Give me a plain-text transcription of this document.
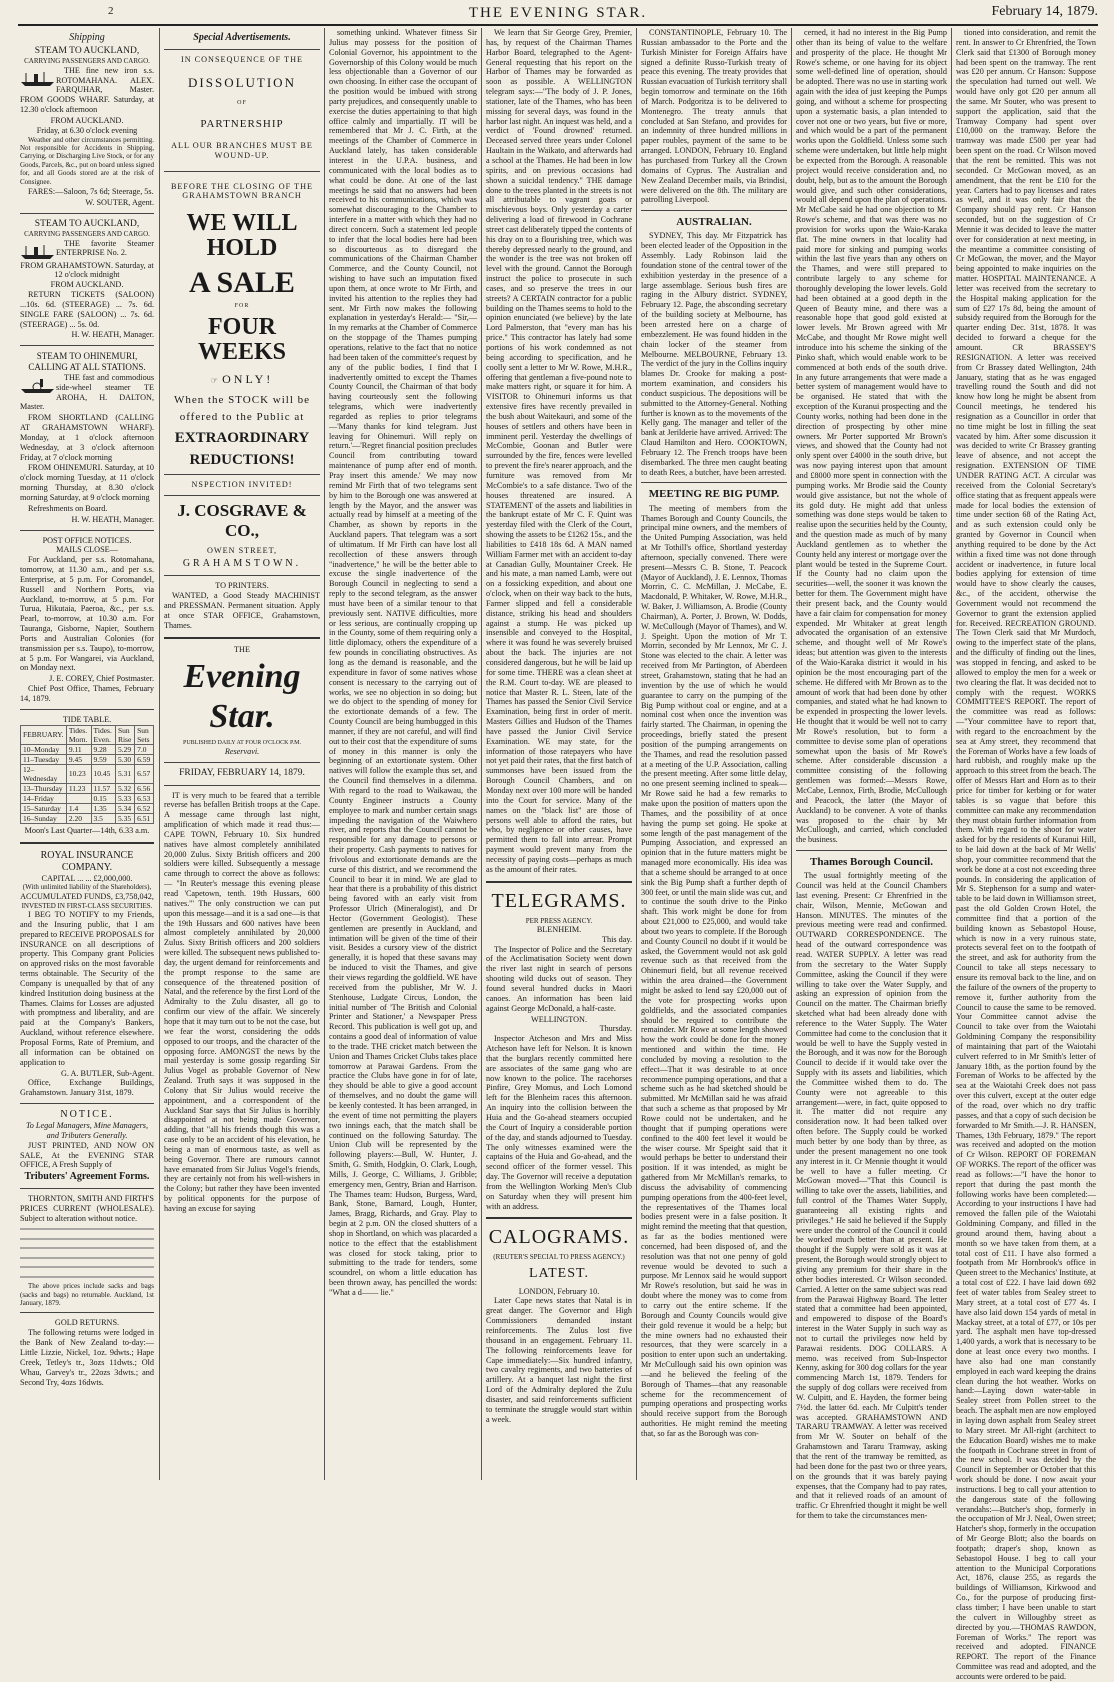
2	THE EVENING STAR.	February 14, 1879.
Shipping
STEAM TO AUCKLAND,
CARRYING PASSENGERS AND CARGO.

THE fine new iron s.s. ROTOMAHANA. ALEX. FARQUHAR, Master. FROM GOODS WHARF. Saturday, at 12.30 o'clock afternoon

FROM AUCKLAND.
Friday, at 6.30 o'clock evening

Weather and other circumstances permitting. Not responsible for Accidents in Shipping, Carrying, or Discharging Live Stock, or for any Goods, Parcels, &c., put on board unless signed for, and all Goods stored are at the risk of Consignee.

FARES:—Saloon, 7s 6d; Steerage, 5s.

W. SOUTER, Agent.
STEAM TO AUCKLAND,
CARRYING PASSENGERS AND CARGO.

THE favorite Steamer ENTERPRISE No. 2.

FROM GRAHAMSTOWN. Saturday, at 12 o'clock midnight
FROM AUCKLAND.

RETURN TICKETS (SALOON) ...10s. 6d. (STEERAGE) ... 7s. 6d. SINGLE FARE (SALOON) ... 7s. 6d. (STEERAGE) ... 5s. 0d.

H. W. HEATH, Manager.
STEAM TO OHINEMURI, CALLING AT ALL STATIONS.

THE fast and commodious side-wheel steamer TE AROHA, H. DALTON, Master.

FROM SHORTLAND (CALLING AT GRAHAMSTOWN WHARF). Monday, at 1 o'clock afternoon Wednesday, at 3 o'clock afternoon Friday, at 7 o'clock morning

FROM OHINEMURI. Saturday, at 10 o'clock morning Tuesday, at 11 o'clock morning Thursday, at 8.30 o'clock morning Saturday, at 9 o'clock morning

Refreshments on Board.

H. W. HEATH, Manager.
POST OFFICE NOTICES.
MAILS CLOSE—

For Auckland, per s.s. Rotomahana, tomorrow, at 11.30 a.m., and per s.s. Enterprise, at 5 p.m. For Coromandel, Russell and Northern Ports, via Auckland, to-morrow, at 5 p.m. For Turua, Hikutaia, Paeroa, &c., per s.s. Pearl, to-morrow, at 10.30 a.m. For Tauranga, Gisborne, Napier, Southern Ports and Australian Colonies (for transmission per s.s. Taupo), to-morrow, at 5 p.m. For Wangarei, via Auckland, on Monday next.

J. E. COREY, Chief Postmaster.

Chief Post Office, Thames, February 14, 1879.

TIDE TABLE.
FEBRUARY.	Tides. Morn.	Tides. Even.	Sun Rise	Sun Sets
10–Monday	9.11	9.28	5.29	7.0
11–Tuesday	9.45	9.59	5.30	6.59
12–Wednesday	10.23	10.45	5.31	6.57
13–Thursday	11.23	11.57	5.32	6.56
14–Friday		0.15	5.33	6.53
15–Saturday	1.4	1.35	5.34	6.52
16–Sunday	2.20	3.5	5.35	6.51
Moon's Last Quarter—14th, 6.33 a.m.
ROYAL INSURANCE COMPANY.
CAPITAL ... ... £2,000,000.
(With unlimited liability of the Shareholders),
ACCUMULATED FUNDS, £3,758,042,
INVESTED IN FIRST-CLASS SECURITIES.

I BEG TO NOTIFY to my Friends, and the Insuring public, that I am prepared to RECEIVE PROPOSALS for INSURANCE on all descriptions of property. This Company grant Policies on approved risks on the most favorable terms obtainable. The Security of the Company is unequalled by that of any kindred Institution doing business at the Thames. Claims for Losses are adjusted with promptness and liberality, and are paid at the Company's Bankers, Auckland, without reference elsewhere. Proposal Forms, Rate of Premium, and all information can be obtained on application to

G. A. BUTLER, Sub-Agent.

Office, Exchange Buildings, Grahamstown. January 31st, 1879.

NOTICE.
To Legal Managers, Mine Managers, and Tributers Generally.

JUST PRINTED, AND NOW ON SALE, At the EVENING STAR OFFICE, A Fresh Supply of

Tributers' Agreement Forms.

THORNTON, SMITH AND FIRTH'S PRICES CURRENT (WHOLESALE). Subject to alteration without notice.

The above prices include sacks and bags (sacks and bags) no returnable. Auckland, 1st January, 1879.

GOLD RETURNS.

The following returns were lodged in the Bank of New Zealand to-day:—Little Lizzie, Nickel, 1oz. 9dwts.; Hape Creek, Tetley's tr., 3ozs 11dwts.; Old Whau, Garvey's tr., 22ozs 3dwts.; and Second Try, 4ozs 16dwts.

Special Advertisements.
IN CONSEQUENCE OF THE
DISSOLUTION
OF
PARTNERSHIP
ALL OUR BRANCHES MUST BE WOUND-UP.
BEFORE THE CLOSING OF THE GRAHAMSTOWN BRANCH
WE WILL HOLD
A SALE
FOR
FOUR WEEKS
☞ ONLY!
When the STOCK will be offered to the Public at
EXTRAORDINARY
REDUCTIONS!
NSPECTION INVITED!
J. COSGRAVE & CO.,
OWEN STREET,
GRAHAMSTOWN.
TO PRINTERS.

WANTED, a Good Steady MACHINIST and PRESSMAN. Permanent situation. Apply at once STAR OFFICE, Grahamstown, Thames.

THE
Evening Star.
PUBLISHED DAILY AT FOUR O'CLOCK P.M.
Reservavi.
FRIDAY, FEBRUARY 14, 1879.

IT is very much to be feared that a terrible reverse has befallen British troops at the Cape. A message came through last night, amplification of which made it read thus:— CAPE TOWN, February 10. Six hundred natives have almost completely annihilated 20,000 Zulus. Sixty British officers and 200 soldiers were killed. Subsequently a message came through to correct the above as follows:— "In Reuter's message this evening please read 'Capetown, tenth. 19th Hussars, 600 natives.'" The only construction we can put upon this message—and it is a sad one—is that the 19th Hussars and 600 natives have been almost completely annihilated by 20,000 Zulus. Sixty British officers and 200 soldiers were killed. The subsequent news published to-day, the urgent demand for reinforcements and the prompt response to the same are consequence of the threatened position of Natal, and the reference by the first Lord of the Admiralty to the Zulu disaster, all go to confirm our view of the affair. We sincerely hope that it may turn out to be not the case, but we fear the worst, considering the odds opposed to our troops, and the character of the opposing force. AMONGST the news by the mail yesterday is some gossip regarding Sir Julius Vogel as probable Governor of New Zealand. Truth says it was supposed in the Colony that Sir Julius would receive the appointment, and a correspondent of the Auckland Star says that Sir Julius is horribly disappointed at not being made Governor, adding, that "all his friends though this was a case only to be an accident of his elevation, he being a man of enormous taste, as well as being Governor. There are rumours cannot have emanated from Sir Julius Vogel's friends, they are certainly not from his well-wishers in the Colony; but rather they have been invented by political opponents for the purpose of having an excuse for saying

something unkind. Whatever fitness Sir Julius may possess for the position of Colonial Governor, his appointment to the Governorship of this Colony would be much less objectionable than a Governor of our own choosing. In either case the occupant of the position would be imbued with strong party prejudices, and consequently unable to exercise the duties appertaining to that high office calmly and impartially. IT will be remembered that Mr J. C. Firth, at the meetings of the Chamber of Commerce in Auckland lately, has taken considerable interest in the U.P.A. business, and communicated with the local bodies as to what could be done. At one of the last meetings he said that no answers had been received to his communications, which was somewhat discouraging to the Chamber to interfere in a matter with which they had no direct concern. Such a statement led people to infer that the local bodies here had been so discourteous as to disregard the communications of the Chairman Chamber Commerce, and the County Council, not wishing to have such an imputation fixed upon them, at once wrote to Mr Firth, and invited his attention to the replies they had sent. Mr Firth now makes the following explanation in yesterday's Herald:— "Sir,—In my remarks at the Chamber of Commerce on the stoppage of the Thames pumping operations, relative to the fact that no notice had been taken of the committee's request by any of the public bodies, I find that I inadvertently omitted to except the Thames County Council, the Chairman of that body having courteously sent the following telegrams, which were inadvertently regarded as replies to prior telegrams—'Many thanks for kind telegram. Just leaving for Ohinemuri. Will reply on return.'—'Regret financial position precludes Council from contributing toward maintenance of pump after end of month. Pray insert this amende.' We may now remind Mr Firth that of two telegrams sent by him to the Borough one was answered at length by the Mayor, and the answer was actually read by himself at a meeting of the Chamber, as shown by reports in the Auckland papers. That telegram was a sort of ultimatum. If Mr Firth can have lost all recollection of these answers through "inadvertence," he will be the better able to excuse the single inadvertence of the Borough Council in neglecting to send a reply to the second telegram, as the answer must have been of a similar tenour to that previously sent. NATIVE difficulties, more or less serious, are continually cropping up in the County, some of them requiring only a little diplomacy, others the expenditure of a few pounds in conciliating obstructives. As long as the demand is reasonable, and the expenditure in favor of some natives whose consent is necessary to the carrying out of works, we see no objection in so doing; but we do object to the spending of money for the extortionate demands of a few. The County Council are being humbugged in this manner, if they are not careful, and will find out to their cost that the expenditure of sums of money in this manner is only the beginning of an extortionate system. Other natives will follow the example thus set, and the Council find themselves in a dilemma. With regard to the road to Waikawau, the County Engineer instructs a County employee to mark and number certain snags impeding the navigation of the Waiwhero river, and reports that the Council cannot be responsible for any damage to persons or their property. Cash payments to natives for frivolous and extortionate demands are the curse of this district, and we recommend the Council to bear it in mind. We are glad to hear that there is a probability of this district being favored with an early visit from Professor Ulrich (Mineralogist), and Dr Hector (Government Geologist). These gentlemen are presently in Auckland, and intimation will be given of the time of their visit. Besides a cursory view of the district generally, it is hoped that these savans may be induced to visit the Thames, and give their views regarding the goldfield. WE have received from the publisher, Mr W. J. Stenhouse, Ludgate Circus, London, the initial number of 'The British and Colonial Printer and Stationer,' a Newspaper Press Record. This publication is well got up, and contains a good deal of information of value to the trade. THE cricket match between the Union and Thames Cricket Clubs takes place tomorrow at Parawai Gardens. From the practice the Clubs have gone in for of late, they should be able to give a good account of themselves, and no doubt the game will be keenly contested. It has been arranged, in the event of time not permitting the players two innings each, that the match shall be continued on the following Saturday. The Union Club will be represented by the following players:—Bull, W. Hunter, J. Smith, G. Smith, Hodgkin, O. Clark, Lough, Mills, J. George, C. Williams, J. Gribble; emergency men, Gentry, Brian and Harrison. The Thames team: Hudson, Burgess, Ward, Bank, Stone, Barnard, Lough, Hunter, James, Bragg, Richards, and Gray. Play to begin at 2 p.m. ON the closed shutters of a shop in Shortland, on which was placarded a notice to the effect that the establishment was closed for stock taking, prior to submitting to the trade for tenders, some scoundrel, on whom a little education has been thrown away, has pencilled the words: "What a d—— lie."

We learn that Sir George Grey, Premier, has, by request of the Chairman Thames Harbor Board, telegraphed to the Agent-General requesting that his report on the Harbor of Thames may be forwarded as soon as possible. A WELLINGTON telegram says:—"The body of J. P. Jones, stationer, late of the Thames, who has been missing for several days, was found in the harbor last night. An inquest was held, and a verdict of 'Found drowned' returned. Deceased served three years under Colonel Haultain in the Waikato, and afterwards had a school at the Thames. He had been in low spirits, and on previous occasions had shown a suicidal tendency." THE damage done to the trees planted in the streets is not all attributable to vagrant goats or mischievous boys. Only yesterday a carter delivering a load of firewood in Cochrane street cast deliberately tipped the contents of his dray on to a flourishing tree, which was thereby depressed nearly to the ground, and the wonder is the tree was not broken off level with the ground. Cannot the Borough instruct the police to prosecute in such cases, and so preserve the trees in our streets? A CERTAIN contractor for a public building on the Thames seems to hold to the opinion enunciated (we believe) by the late Lord Palmerston, that "every man has his price." This contractor has lately had some portions of his work condemned as not being according to specification, and he coolly sent a letter to Mr W. Rowe, M.H.R., offering that gentleman a five-pound note to make matters right, or square it for him. A VISITOR to Ohinemuri informs us that extensive fires have recently prevailed in the bush about Waitekauri, and some of the houses of settlers and others have been in imminent peril. Yesterday the dwellings of McCombie, Goonan and Butler were surrounded by the fire, fences were levelled to prevent the fire's nearer approach, and the furniture was removed from Mr McCombie's to a safe distance. Two of the houses threatened are insured. A STATEMENT of the assets and liabilities in the bankrupt estate of Mr C. F. Quint was yesterday filed with the Clerk of the Court, showing the assets to be £1262 15s., and the liabilities to £418 18s 6d. A MAN named William Farmer met with an accident to-day at Canadian Gully, Mountainer Creek. He and his mate, a man named Lamb, were out on a fossicking expedition, and about one o'clock, when on their way back to the huts, Farmer slipped and fell a considerable distance, striking his head and shoulders against a stump. He was picked up insensible and conveyed to the Hospital, where it was found he was severely bruised about the back. The injuries are not considered dangerous, but he will be laid up for some time. THERE was a clean sheet at the R.M. Court to-day. WE are pleased to notice that Master R. L. Steen, late of the Thames has passed the Senior Civil Service Examination, being first in order of merit. Masters Gillies and Hudson of the Thames have passed the Junior Civil Service Examination. WE may state, for the information of those ratepayers who have not yet paid their rates, that the first batch of summonses have been issued from the Borough Council Chambers, and on Monday next over 100 more will be handed into the Court for service. Many of the names on the "black list" are those of persons well able to afford the rates, but who, by negligence or other causes, have permitted them to fall into arrear. Prompt payment would prevent many from the necessity of paying costs—perhaps as much as the amount of their rates.

TELEGRAMS.
PER PRESS AGENCY.
BLENHEIM.
This day.

The Inspector of Police and the Secretary of the Acclimatisation Society went down the river last night in search of persons shooting wild ducks out of season. They found several hundred ducks in Maori canoes. An information has been laid against George McDonald, a half-caste.

WELLINGTON.
Thursday.

Inspector Atcheson and Mrs and Miss Atcheson have left for Nelson. It is known that the burglars recently committed here are associates of the same gang who are now known to the police. The racehorses Pinfire, Grey Momus, and Loch Lomond left for the Blenheim races this afternoon. An inquiry into the collision between the Huia and the Go-ahead steamers occupied the Court of Inquiry a considerable portion of the day, and stands adjourned to Tuesday. The only witnesses examined were the captains of the Huia and Go-ahead, and the second officer of the former vessel. This day. The Governor will receive a deputation from the Wellington Working Men's Club on Saturday when they will present him with an address.

CALOGRAMS.
(REUTER'S SPECIAL TO PRESS AGENCY.)
LATEST.
LONDON, February 10.

Later Cape news states that Natal is in great danger. The Governor and High Commissioners demanded instant reinforcements. The Zulus lost five thousand in an engagement. February 11. The following reinforcements leave for Cape immediately:—Six hundred infantry, two cavalry regiments, and two batteries of artillery. At a banquet last night the first Lord of the Admiralty deplored the Zulu disaster, and said reinforcements sufficient to terminate the struggle would start within a week.

CONSTANTINOPLE, February 10. The Russian ambassador to the Porte and the Turkish Minister for Foreign Affairs have signed a definite Russo-Turkish treaty of peace this evening. The treaty provides that Russian evacuation of Turkish territory shall begin tomorrow and terminate on the 16th of March. Podgoritza is to be delivered to Montenegro. The treaty annuls that concluded at San Stefano, and provides for an indemnity of three hundred millions in paper roubles, payment of the same to be arranged. LONDON, February 10. England has purchased from Turkey all the Crown domains of Cyprus. The Australian and New Zealand December mails, via Brindisi, were delivered on the 8th. The military are patrolling Liverpool.

AUSTRALIAN.

SYDNEY, This day. Mr Fitzpatrick has been elected leader of the Opposition in the Assembly. Lady Robinson laid the foundation stone of the central tower of the exhibition yesterday in the presence of a large assemblage. Serious bush fires are raging in the Albury district. SYDNEY, February 12. Page, the absconding secretary of the building society at Melbourne, has been arrested here on a charge of embezzlement. He was found hidden in the chain locker of the steamer from Melbourne. MELBOURNE, February 13. The verdict of the jury in the Collins inquiry blames Dr. Crooke for making a post-mortem examination, and considers his conduct suspicious. The depositions will be submitted to the Attorney-General. Nothing further is known as to the movements of the Kelly gang. The manager and teller of the bank at Jerilderie have arrived. Arrived: The Claud Hamilton and Hero. COOKTOWN, February 12. The French troops have been disembarked. The three men caught beating to death Rees, a butcher, have been arrested.

MEETING RE BIG PUMP.

The meeting of members from the Thames Borough and County Councils, the principal mine owners, and the members of the United Pumping Association, was held at Mr Tothill's office, Shortland yesterday afternoon, specially convened. There were present—Messrs C. B. Stone, T. Peacock (Mayor of Auckland), J. E. Lennox, Thomas Morrin, C. C. McMillan, J. McCabe, E. Macdonald, P. Whitaker, W. Rowe, M.H.R., W. Baker, J. Williamson, A. Brodie (County Chairman), A. Porter, J. Brown, W. Dodds, W. McCullough (Mayor of Thames), and W. J. Speight. Upon the motion of Mr T. Morrin, seconded by Mr Lennox, Mr C. J. Stone was elected to the chair. A letter was received from Mr Partington, of Aberdeen street, Grahamstown, stating that he had an invention by the use of which he would guarantee to carry on the pumping of the Big Pump without coal or engine, and at a nominal cost when once the invention was fairly started. The Chairman, in opening the proceedings, briefly stated the present position of the pumping arrangements on the Thames, and read the resolution passed at a meeting of the U.P. Association, calling the present meeting. After some little delay, no one present seeming inclined to speak— Mr Rowe said he had a few remarks to make upon the position of matters upon the Thames, and the possibility of at once having the pump set going. He spoke at some length of the past management of the Pumping Association, and expressed an opinion that in the future matters might be managed more economically. His idea was that a scheme should be arranged to at once sink the Big Pump shaft a further depth of 300 feet, or until the main slide was cut, and to continue the south drive to the Pinko shaft. This work might be done for from about £21,000 to £25,000, and would take about two years to complete. If the Borough and County Council no doubt if it would be asked, the Government would not ask gold revenue such as that received from the Ohinemuri field, but all revenue received within the area drained—the Government might be asked to lend say £20,000 out of the vote for prospecting works upon goldfields, and the associated companies should be required to contribute the remainder. Mr Rowe at some length showed how the work could be done for the money mentioned and within the time. He concluded by moving a resolution to the effect—That it was desirable to at once recommence pumping operations, and that a scheme such as he had sketched should be submitted. Mr McMillan said he was afraid that such a scheme as that proposed by Mr Rowe could not be undertaken, and he thought that if pumping operations were confined to the 400 feet level it would be the wiser course. Mr Speight said that it would perhaps be better to understand their position. If it was intended, as might be gathered from Mr McMillan's remarks, to discuss the advisability of commencing pumping operations from the 400-feet level, the representatives of the Thames local bodies present were in a false position. It might remind the meeting that that question, as far as the bodies mentioned were concerned, had been disposed of, and the resolution was that not one penny of gold revenue would be devoted to such a purpose. Mr Lennox said he would support Mr Rowe's resolution, but said he was in doubt where the money was to come from to carry out the entire scheme. If the Borough and County Councils would give their gold revenue it would be a help; but the mine owners had no exhausted their resources, that they were scarcely in a position to enter upon such an undertaking. Mr McCullough said his own opinion was—and he believed the feeling of the Borough of Thames—that any reasonable scheme for the recommencement of pumping operations and prospecting works should receive support from the Borough authorities. He might remind the meeting that, so far as the Borough was con-

cerned, it had no interest in the Big Pump other than its being of value to the welfare and prosperity of the place. He thought Mr Rowe's scheme, or one having for its object some well-defined line of operation, should be adopted. There was no use in starting work again with the idea of just keeping the Pumps going, and without a scheme for prospecting upon a systematic basis, a plan intended to cover not one or two years, but five or more, and which would be a part of the permanent works upon the Goldfield. Unless some such scheme were undertaken, but little help might be expected from the Borough. A reasonable project would receive consideration and, no doubt, help, but as to the amount the Borough would give, and such other considerations, would all depend upon the plan of operations. Mr McCabe said he had one objection to Mr Rowe's scheme, and that was there was no provision for works upon the Waio-Karaka flat. The mine owners in that locality had paid more for sinking and pumping works within the last five years than any others on the Thames, and were still prepared to contribute largely to any scheme for thoroughly developing the lower levels. Gold had been obtained at a good depth in the Queen of Beauty mine, and there was a reasonable hope that good gold existed at lower levels. Mr Brown agreed with Mr McCabe, and thought Mr Rowe might well introduce into his scheme the sinking of the Pinko shaft, which would enable work to be commenced at both ends of the south drive. In any future arrangements that were made a better system of management would have to be organised. He stated that with the exception of the Kuranui prospecting and the County works, nothing had been done in the direction of prospecting by other mine owners. Mr Porter supported Mr Brown's views, and showed that the County had not only spent over £4000 in the south drive, but was now paying interest upon that amount and £8000 more spent in connection with the pumping works. Mr Brodie said the County would give assistance, but not the whole of its gold duty. He might add that unless something was done steps would be taken to realise upon the securities held by the County, and the question made as much of by many Auckland gentlemen as to whether the County held any interest or mortgage over the plant would be tested in the Supreme Court. If the County had no claim upon the securities—well, the sooner it was known the better for them. The Government might have their present back, and the County would have a fair claim for compensation for money expended. Mr Whitaker at great length advocated the organisation of an extensive scheme, and thought well of Mr Rowe's ideas; but attention was given to the interests of the Waio-Karaka district it would in his opinion be the most encouraging part of the scheme. He differed with Mr Brown as to the amount of work that had been done by other companies, and stated what he had known to be expended in prospecting the lower levels. He thought that it would be well not to carry Mr Rowe's resolution, but to form a committee to devise some plan of operations somewhat upon the basis of Mr Rowe's scheme. After considerable discussion a committee consisting of the following gentlemen was formed:—Messrs Rowe, McCabe, Lennox, Firth, Brodie, McCullough and Peacock, the latter (the Mayor of Auckland) to be convener. A vote of thanks was proposed to the chair by Mr McCullough, and carried, which concluded the business.

Thames Borough Council.

The usual fortnightly meeting of the Council was held at the Council Chambers last evening. Present: Cr Ehrenfried in the chair, Wilson, Mennie, McGowan and Hanson. MINUTES. The minutes of the previous meeting were read and confirmed. OUTWARD CORRESPONDENCE. The head of the outward correspondence was read. WATER SUPPLY. A letter was read from the secretary to the Water Supply Committee, asking the Council if they were willing to take over the Water Supply, and asking an expression of opinion from the Council on the matter. The Chairman briefly sketched what had been already done with reference to the Water Supply. The Water Committee had come to the conclusion that it would be well to have the Supply vested in the Borough, and it was now for the Borough Council to decide if it would take over the Supply with its assets and liabilities, which the Committee wished them to do. The County were not agreeable to this arrangement—were, in fact, quite opposed to it. The matter did not require any consideration now. It had been talked over often before. The Supply could be worked much better by one body than by three, as under the present management no one took any interest in it. Cr Mennie thought it would be well to have a fuller meeting. Cr McGowan moved—"That this Council is willing to take over the assets, liabilities, and full control of the Thames Water Supply, guaranteeing all existing rights and privileges." He said he believed if the Supply were under the control of the Council it could be worked much better than at present. He thought if the Supply were sold as it was at present, the Borough would strongly object to giving any premium for their share in the other bodies interested. Cr Wilson seconded. Carried. A letter on the same subject was read from the Parawai Highway Board. The letter stated that a committee had been appointed, and empowered to dispose of the Board's interest in the Water Supply in such way as not to curtail the privileges now held by Parawai residents. DOG COLLARS. A memo. was received from Sub-Inspector Kenny, asking for 300 dog collars for the year commencing March 1st, 1879. Tenders for the supply of dog collars were received from W. Culpitt, and E. Hayden, the former being 7½d. the latter 6d. each. Mr Culpitt's tender was accepted. GRAHAMSTOWN AND TARARU TRAMWAY. A letter was received from Mr W. Souter on behalf of the Grahamstown and Tararu Tramway, asking that the rent of the tramway be remitted, as had been done for the past two or three years, on the grounds that it was barely paying expenses, that the Company had to pay rates, and that it relieved roads of an amount of traffic. Cr Ehrenfried thought it might be well for them to take the circumstances men-

tioned into consideration, and remit the rent. In answer to Cr Ehrenfried, the Town Clerk said that £1300 of Borough money had been spent on the tramway. The rent was £20 per annum. Cr Hanson: Suppose the speculation had turned out well. We would have only got £20 per annum all the same. Mr Souter, who was present to support the application, said that the Tramway Company had spent over £10,000 on the tramway. Before the tramway was made £500 per year had been spent on the road. Cr Wilson moved that the rent be remitted. This was not seconded. Cr McGowan moved, as an amendment, that the rent be £10 for the year. Carters had to pay licenses and rates as well, and it was only fair that the Company should pay rent. Cr Hanson seconded, but on the suggestion of Cr Mennie it was decided to leave the matter over for consideration at next meeting, in the meantime a committee consisting of Cr McGowan, the mover, and the Mayor being appointed to make inquiries on the matter. HOSPITAL MAINTENANCE. A letter was received from the secretary to the Hospital making application for the sum of £27 17s 8d, being the amount of subsidy required from the Borough for the quarter ending Dec. 31st, 1878. It was decided to forward a cheque for the amount. CR BRASSEY'S RESIGNATION. A letter was received from Cr Brassey dated Wellington, 24th January, stating that as he was engaged travelling round the South and did not know how long he might be absent from Council meetings, he tendered his resignation as a Councillor in order that no time might be lost in filling the seat vacated by him. After some discussion it was decided to write Cr Brassey granting leave of absence, and not accept the resignation. EXTENSION OF TIME UNDER RATING ACT. A circular was received from the Colonial Secretary's office stating that as frequent appeals were made for local bodies the extension of time under section 68 of the Rating Act, and as such extension could only be granted by Governor in Council when anything required to be done by the Act within a fixed time was not done through accident or inadvertence, in future local bodies applying for extension of time would have to show clearly the causes, &c., of the accident, otherwise the Government would not recommend the Governor to grant the extension applied for. Received. RECREATION GROUND. The Town Clerk said that Mr Murdoch, owing to the imperfect state of the plans, and the difficulty of finding out the lines, was stopped in fencing, and asked to be allowed to employ the men for a week or two clearing the flat. It was decided not to comply with the request. WORKS COMMITTEE'S REPORT. The report of the committee was read as follows:—"Your committee have to report that, with regard to the encroachment by the sea at Amy street, they recommend that the Foreman of Works have a few loads of hard rubbish, and roughly make up the approach to this street from the beach. The offer of Messrs Hart and Horn as to their price for timber for kerbing or for water tables is so vague that before this committee can make any recommendation they must obtain further information from them. With regard to the shoot for water asked for by the residents of Kuranui Hill, to be laid down at the back of Mr Wells' shop, your committee recommend that the work be done at a cost not exceeding three pounds. In considering the application of Mr S. Stephenson for a sump and water-table to be laid down in Williamson street, past the old Golden Crown Hotel, the committee find that a portion of the building known as Sebastopol House, which is now in a very ruinous state, protects several feet on to the footpath of the street, and ask for authority from the Council to take all steps necessary to ensure its removal back to the line, and on the failure of the owners of the property to remove it, further authority from the Council to cause the same to be removed. Your Committee cannot advise the Council to take over from the Waiotahi Goldmining Company the responsibility of maintaining that part of the Waiotahi culvert referred to in Mr Smith's letter of January 18th, as the portion found by the Foreman of Works to be affected by the sea at the Waiotahi Creek does not pass over this culvert, except at the outer edge of the road, over which no dry traffic passes, and that a copy of such decision be forwarded to Mr Smith.—J. R. HANSEN, Thames, 13th February, 1879." The report was received and adopted on the motion of Cr Wilson. REPORT OF FOREMAN OF WORKS. The report of the officer was read as follows:—"I have the honor to report that during the past month the following works have been completed:—According to your instructions I have had removed the fallen pile of the Waiotahi Goldmining Company, and filled in the ground around them, having about a month so we have taken from them, at a total cost of £11. I have also formed a footpath from Mr Hornbrook's office in Queen street to the Mechanics' Institute, at a total cost of £22. I have laid down 692 feet of water tables from Sealey street to Mary street, at a total cost of £77 4s. I have also laid down 154 yards of metal in Mackay street, at a total of £77, or 10s per yard. The asphalt men have top-dressed 1,400 yards, a work that is necessary to be done at least once every two months. I have also had one man constantly employed in each ward keeping the drains clean during the hot weather. Works on hand:—Laying down water-table in Sealey street from Pollen street to the beach. The asphalt men are now employed in laying down asphalt from Sealey street to Mary street. Mr All-right (architect to the Education Board) wishes me to make the footpath in Cochrane street in front of the new school. It was decided by the Council in September or October that this work should be done. I now await your instructions. I beg to call your attention to the dangerous state of the following verandahs:—Butcher's shop, formerly in the occupation of Mr J. Neal, Owen street; Hatcher's shop, formerly in the occupation of Mr George Blott; also the boards on footpath; draper's shop, known as Sebastopol House. I beg to call your attention to the Municipal Corporations Act, 1876, clause 255, as regards the buildings of Williamson, Kirkwood and Co., for the purpose of producing first-class timber; I have been unable to start the culvert in Willoughby street as directed by you.—THOMAS RAWDON, Foreman of Works." The report was received and adopted. FINANCE REPORT. The report of the Finance Committee was read and adopted, and the accounts were ordered to be paid.
